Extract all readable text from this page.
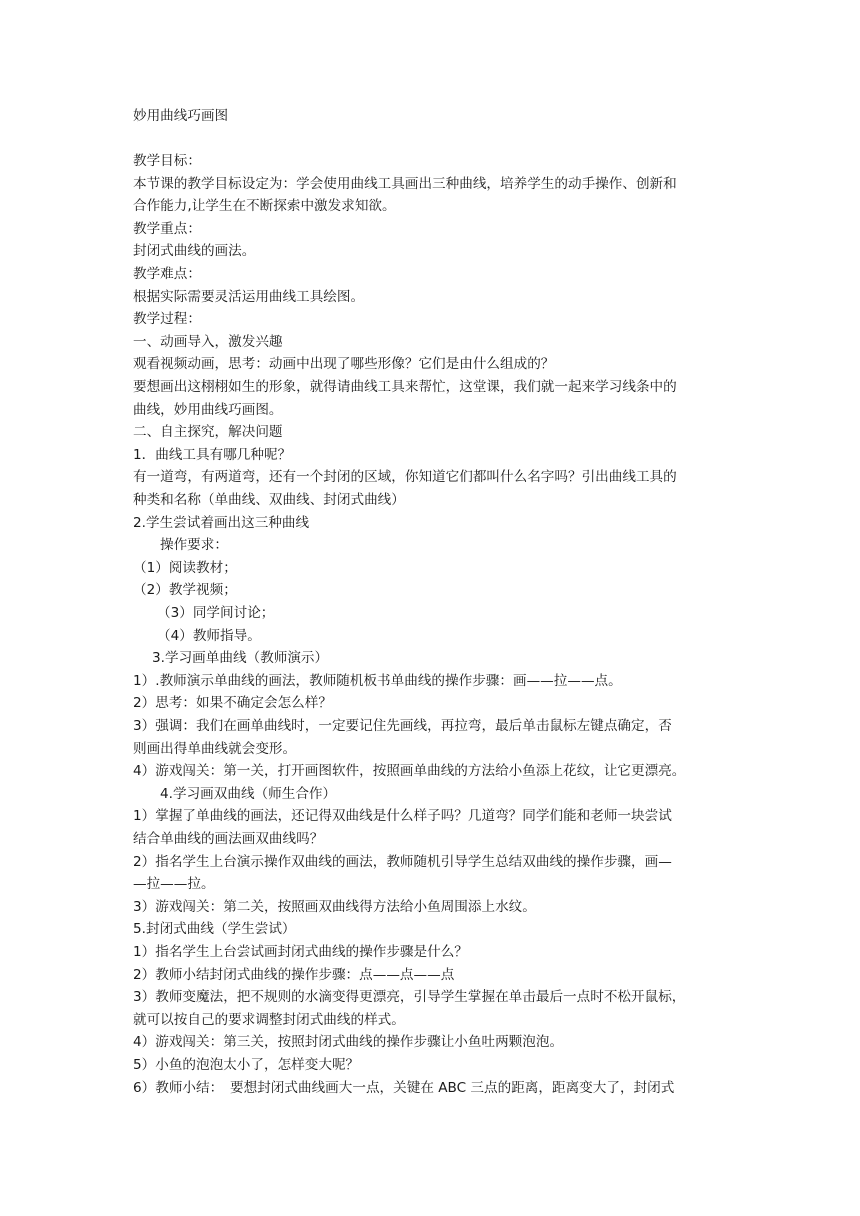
妙用曲线巧画图
教学目标：
本节课的教学目标设定为：学会使用曲线工具画出三种曲线，培养学生的动手操作、创新和
合作能力,让学生在不断探索中激发求知欲。
教学重点：
封闭式曲线的画法。
教学难点：
根据实际需要灵活运用曲线工具绘图。
教学过程：
一、动画导入，激发兴趣
观看视频动画，思考：动画中出现了哪些形像？它们是由什么组成的？
要想画出这栩栩如生的形象，就得请曲线工具来帮忙，这堂课，我们就一起来学习线条中的
曲线，妙用曲线巧画图。
二、自主探究，解决问题
1．曲线工具有哪几种呢？
有一道弯，有两道弯，还有一个封闭的区域，你知道它们都叫什么名字吗？引出曲线工具的
种类和名称（单曲线、双曲线、封闭式曲线）
2.学生尝试着画出这三种曲线
操作要求：
（1）阅读教材；
（2）教学视频；
（3）同学间讨论；
（4）教师指导。
3.学习画单曲线（教师演示）
1）.教师演示单曲线的画法，教师随机板书单曲线的操作步骤：画——拉——点。
2）思考：如果不确定会怎么样？
3）强调：我们在画单曲线时，一定要记住先画线，再拉弯，最后单击鼠标左键点确定，否
则画出得单曲线就会变形。
4）游戏闯关：第一关，打开画图软件，按照画单曲线的方法给小鱼添上花纹，让它更漂亮。
4.学习画双曲线（师生合作）
1）掌握了单曲线的画法，还记得双曲线是什么样子吗？几道弯？同学们能和老师一块尝试
结合单曲线的画法画双曲线吗？
2）指名学生上台演示操作双曲线的画法，教师随机引导学生总结双曲线的操作步骤，画—
—拉——拉。
3）游戏闯关：第二关，按照画双曲线得方法给小鱼周围添上水纹。
5.封闭式曲线（学生尝试）
1）指名学生上台尝试画封闭式曲线的操作步骤是什么？
2）教师小结封闭式曲线的操作步骤：点——点——点
3）教师变魔法，把不规则的水滴变得更漂亮，引导学生掌握在单击最后一点时不松开鼠标，
就可以按自己的要求调整封闭式曲线的样式。
4）游戏闯关：第三关，按照封闭式曲线的操作步骤让小鱼吐两颗泡泡。
5）小鱼的泡泡太小了，怎样变大呢？
6）教师小结：　要想封闭式曲线画大一点，关键在 ABC 三点的距离，距离变大了，封闭式
